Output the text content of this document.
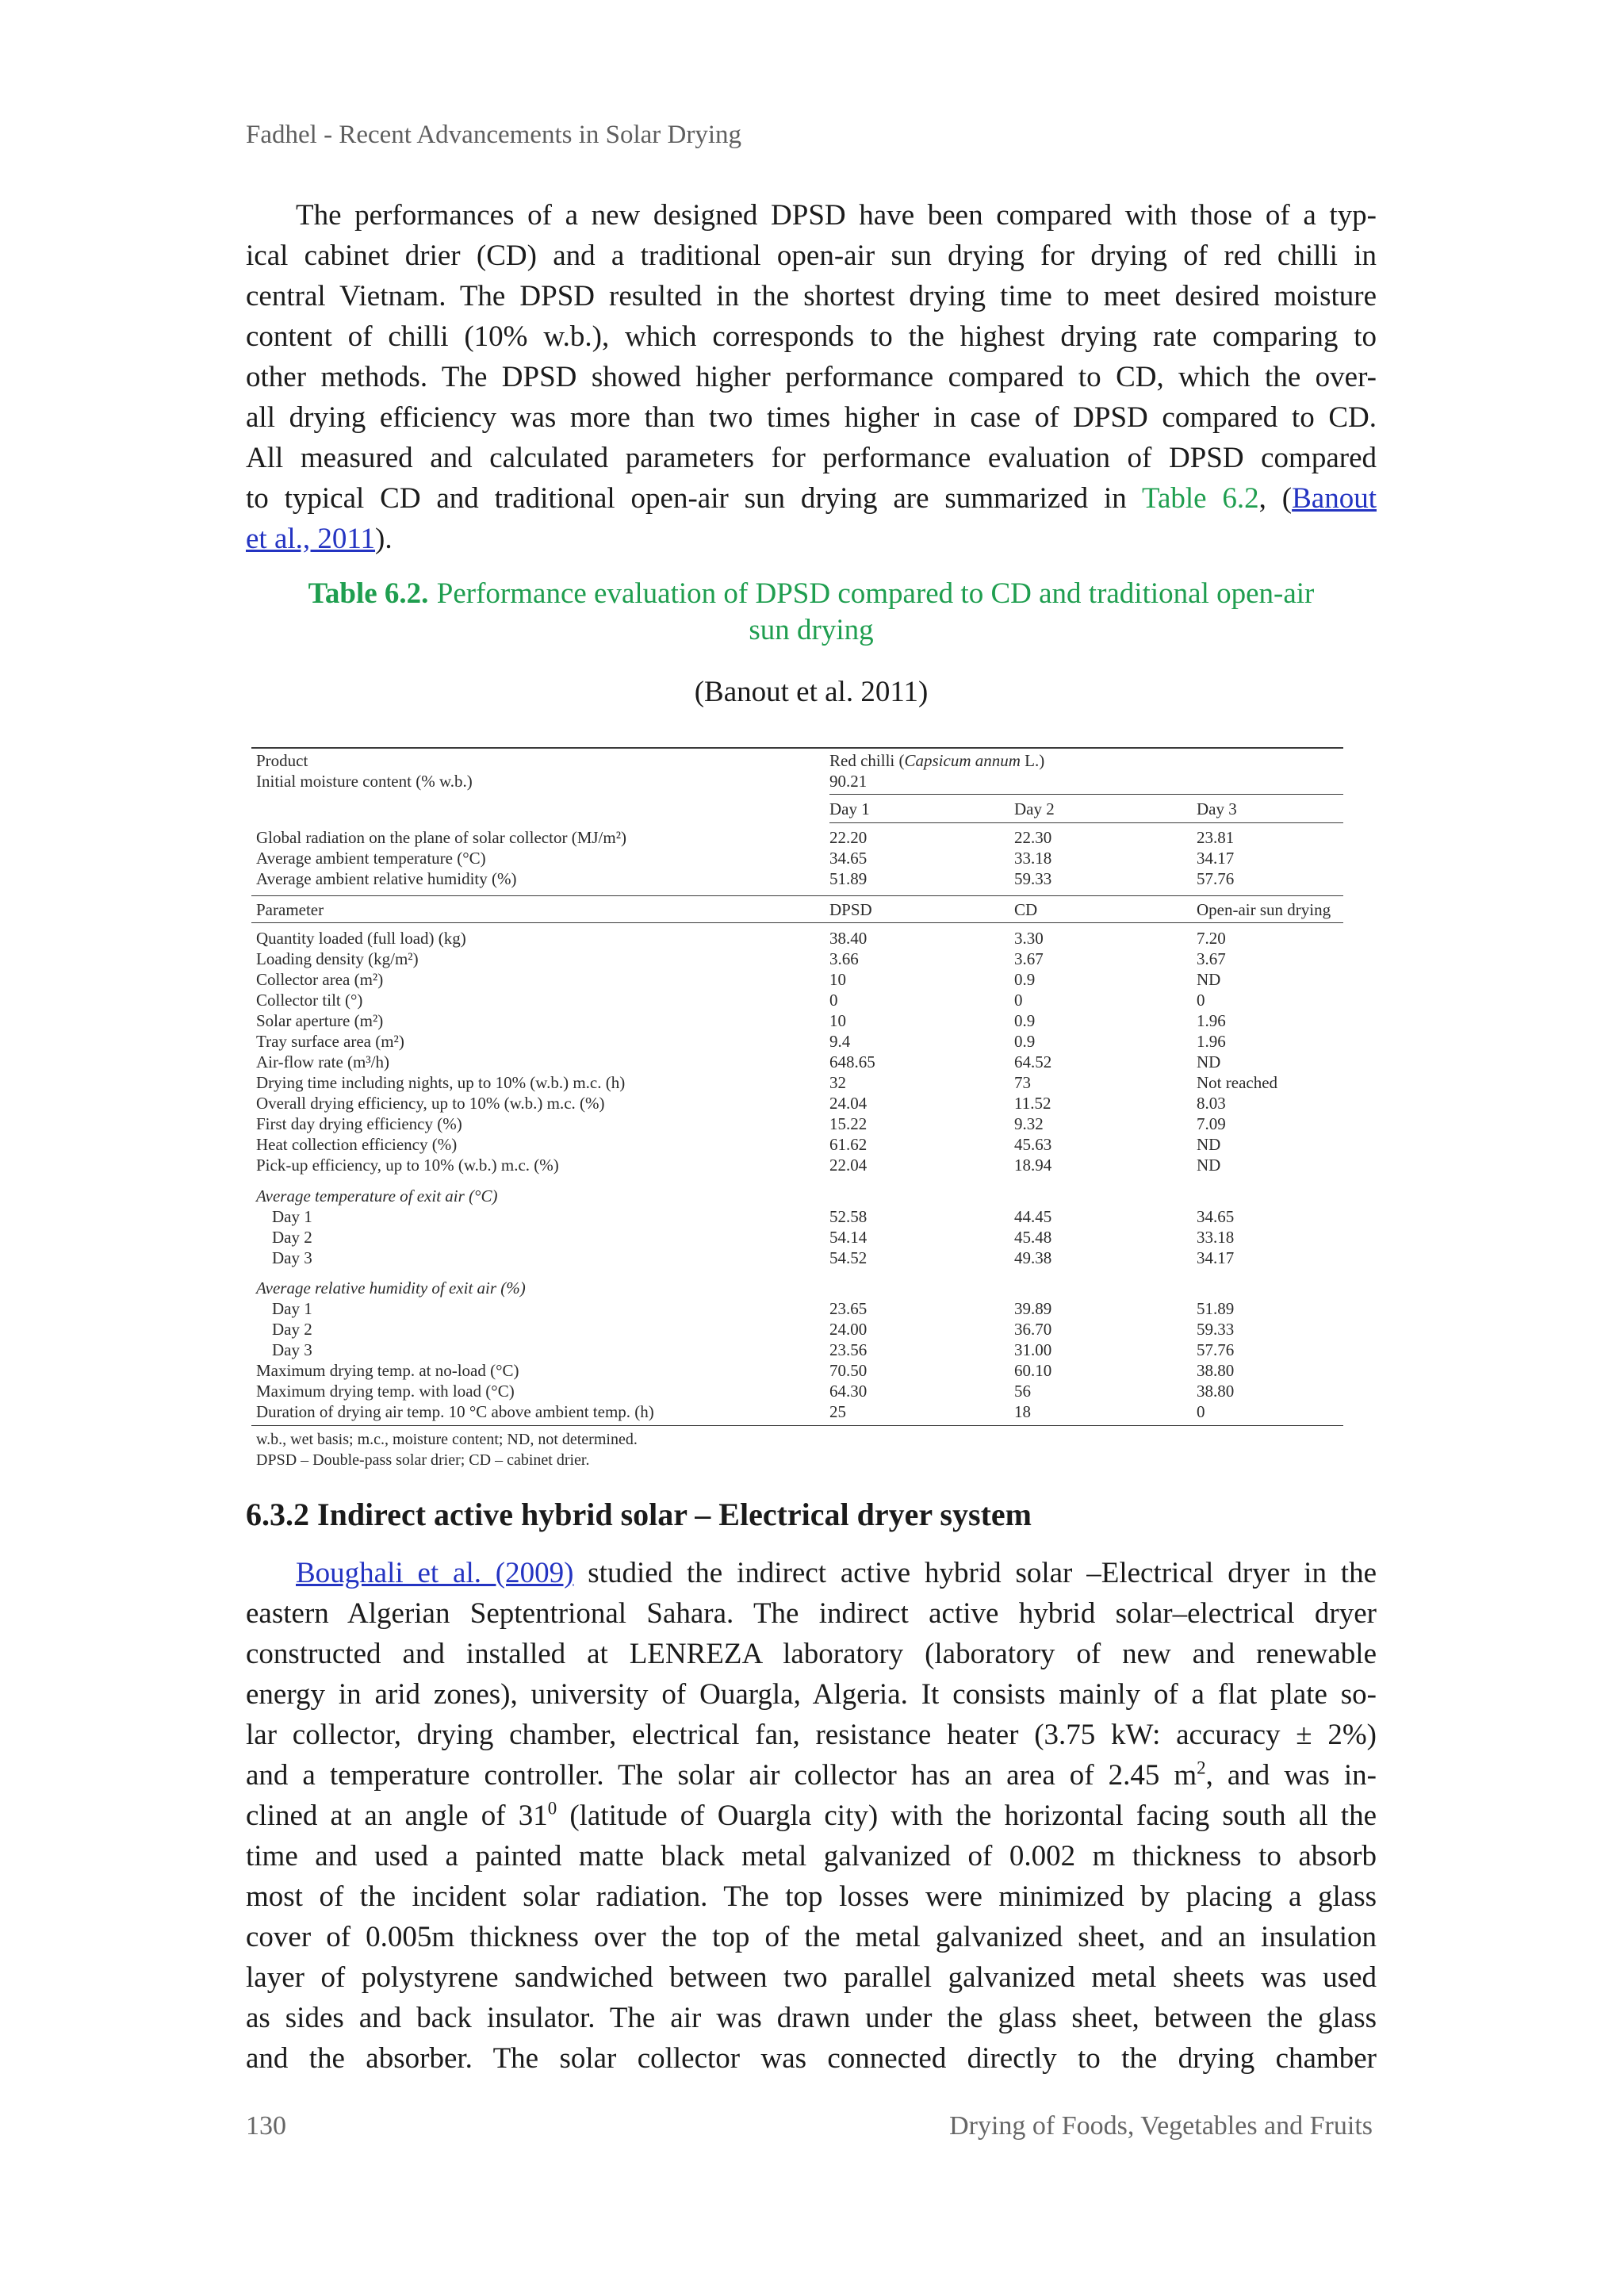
Fadhel - Recent Advancements in Solar Drying
The performances of a new designed DPSD have been compared with those of a typ-
ical cabinet drier (CD) and a traditional open-air sun drying for drying of red chilli in
central Vietnam. The DPSD resulted in the shortest drying time to meet desired moisture
content of chilli (10% w.b.), which corresponds to the highest drying rate comparing to
other methods. The DPSD showed higher performance compared to CD, which the over-
all drying efficiency was more than two times higher in case of DPSD compared to CD.
All measured and calculated parameters for performance evaluation of DPSD compared
to typical CD and traditional open-air sun drying are summarized in Table 6.2, (Banout
et al., 2011).
Table 6.2. Performance evaluation of DPSD compared to CD and traditional open-air
sun drying
(Banout et al. 2011)
Product	Red chilli (Capsicum annum L.)
Initial moisture content (% w.b.)	90.21
Day 1	Day 2	Day 3
Global radiation on the plane of solar collector (MJ/m²)	22.20	22.30	23.81
Average ambient temperature (°C)	34.65	33.18	34.17
Average ambient relative humidity (%)	51.89	59.33	57.76
Parameter	DPSD	CD	Open-air sun drying
Quantity loaded (full load) (kg)	38.40	3.30	7.20
Loading density (kg/m²)	3.66	3.67	3.67
Collector area (m²)	10	0.9	ND
Collector tilt (°)	0	0	0
Solar aperture (m²)	10	0.9	1.96
Tray surface area (m²)	9.4	0.9	1.96
Air-flow rate (m³/h)	648.65	64.52	ND
Drying time including nights, up to 10% (w.b.) m.c. (h)	32	73	Not reached
Overall drying efficiency, up to 10% (w.b.) m.c. (%)	24.04	11.52	8.03
First day drying efficiency (%)	15.22	9.32	7.09
Heat collection efficiency (%)	61.62	45.63	ND
Pick-up efficiency, up to 10% (w.b.) m.c. (%)	22.04	18.94	ND
Average temperature of exit air (°C)
Day 1	52.58	44.45	34.65
Day 2	54.14	45.48	33.18
Day 3	54.52	49.38	34.17
Average relative humidity of exit air (%)
Day 1	23.65	39.89	51.89
Day 2	24.00	36.70	59.33
Day 3	23.56	31.00	57.76
Maximum drying temp. at no-load (°C)	70.50	60.10	38.80
Maximum drying temp. with load (°C)	64.30	56	38.80
Duration of drying air temp. 10 °C above ambient temp. (h)	25	18	0
w.b., wet basis; m.c., moisture content; ND, not determined.
DPSD – Double-pass solar drier; CD – cabinet drier.
6.3.2 Indirect active hybrid solar – Electrical dryer system
Boughali et al. (2009) studied the indirect active hybrid solar –Electrical dryer in the
eastern Algerian Septentrional Sahara. The indirect active hybrid solar–electrical dryer
constructed and installed at LENREZA laboratory (laboratory of new and renewable
energy in arid zones), university of Ouargla, Algeria. It consists mainly of a flat plate so-
lar collector, drying chamber, electrical fan, resistance heater (3.75 kW: accuracy ± 2%)
and a temperature controller. The solar air collector has an area of 2.45 $m^2$, and was in-
clined at an angle of $31^0$ (latitude of Ouargla city) with the horizontal facing south all the
time and used a painted matte black metal galvanized of 0.002 m thickness to absorb
most of the incident solar radiation. The top losses were minimized by placing a glass
cover of 0.005m thickness over the top of the metal galvanized sheet, and an insulation
layer of polystyrene sandwiched between two parallel galvanized metal sheets was used
as sides and back insulator. The air was drawn under the glass sheet, between the glass
and the absorber. The solar collector was connected directly to the drying chamber
130	Drying of Foods, Vegetables and Fruits
